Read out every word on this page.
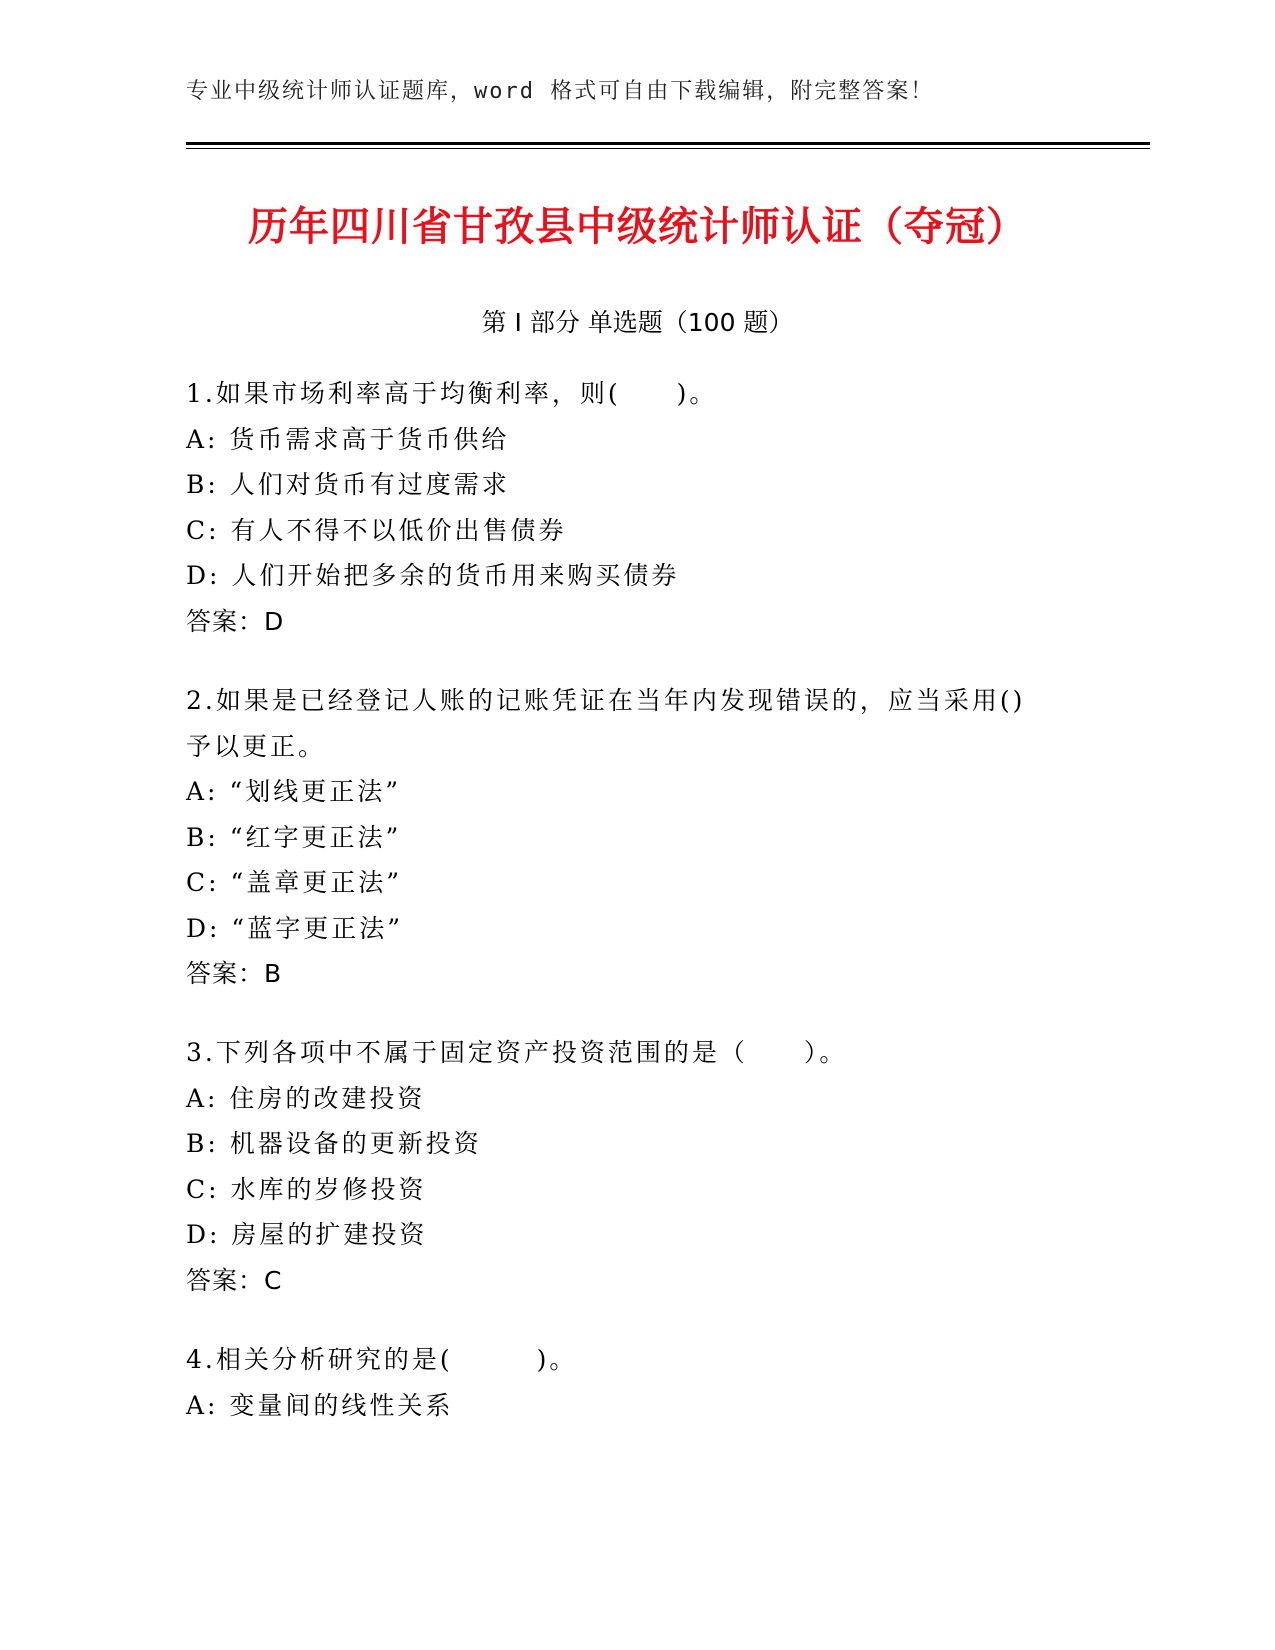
专业中级统计师认证题库，word 格式可自由下载编辑，附完整答案！
历年四川省甘孜县中级统计师认证（夺冠）
第 I 部分 单选题（100 题）
1.如果市场利率高于均衡利率，则(　　)。
A: 货币需求高于货币供给
B: 人们对货币有过度需求
C: 有人不得不以低价出售债券
D: 人们开始把多余的货币用来购买债券
答案：D
2.如果是已经登记人账的记账凭证在当年内发现错误的，应当采用()
予以更正。
A: “划线更正法”
B: “红字更正法”
C: “盖章更正法”
D: “蓝字更正法”
答案：B
3.下列各项中不属于固定资产投资范围的是（　　）。
A: 住房的改建投资
B: 机器设备的更新投资
C: 水库的岁修投资
D: 房屋的扩建投资
答案：C
4.相关分析研究的是(　　　)。
A: 变量间的线性关系
